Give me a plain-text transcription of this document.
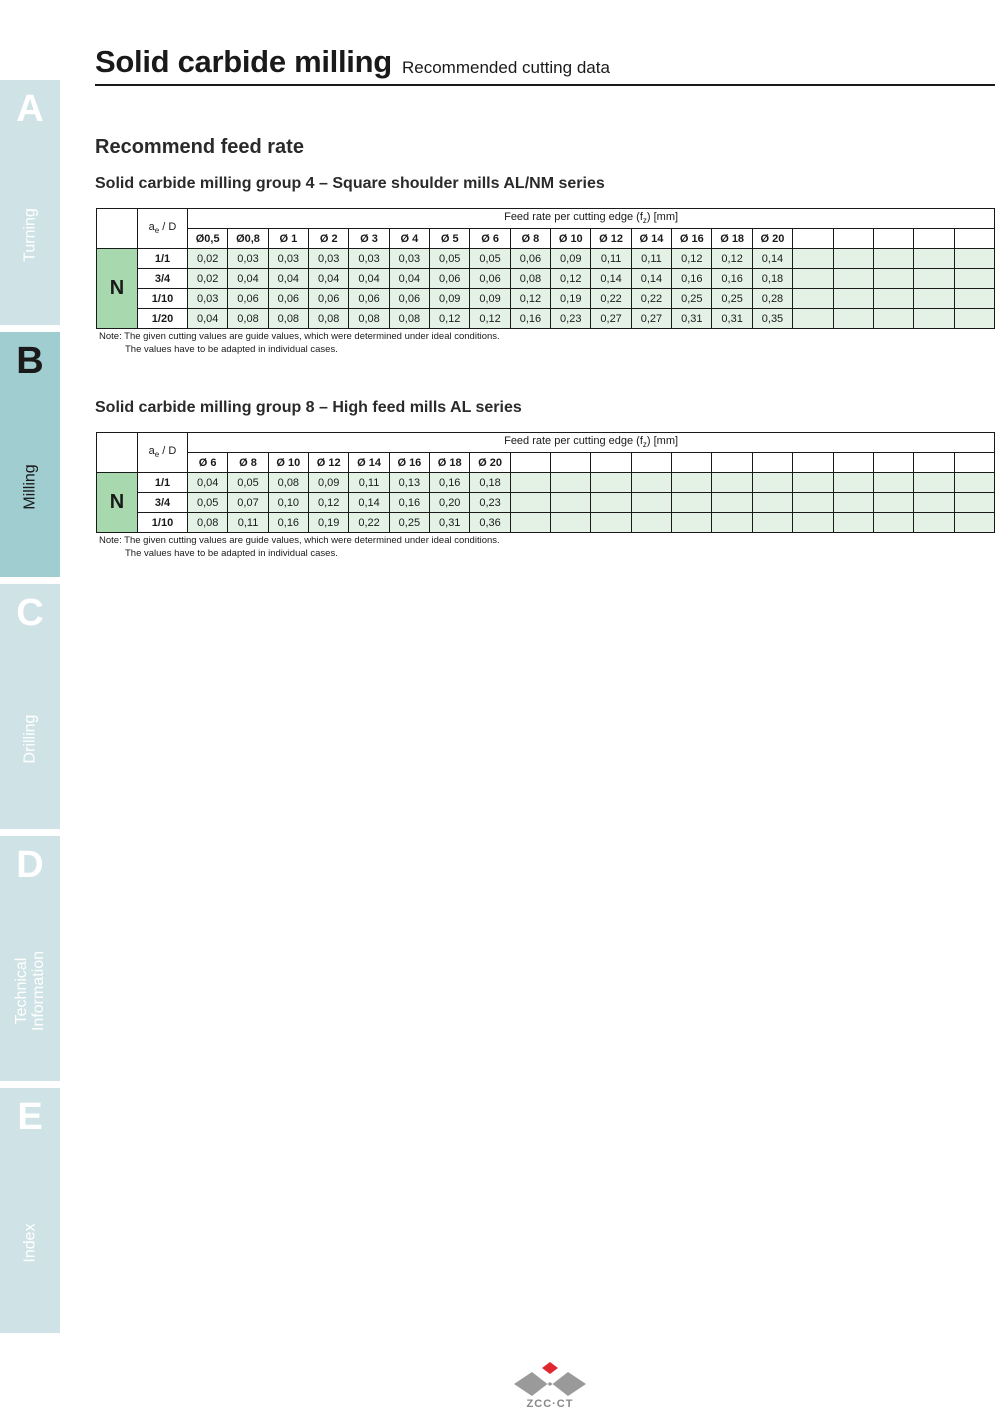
A
Turning
B
Milling
C
Drilling
D
Technical
Information
E
Index
Solid carbide milling Recommended cutting data
Recommend feed rate
Solid carbide milling group 4 – Square shoulder mills AL/NM series
	$a_e$ / D	Feed rate per cutting edge $(f_z)$ [mm]																			
		Ø0,5	Ø0,8	Ø 1	Ø 2	Ø 3	Ø 4	Ø 5	Ø 6	Ø 8	Ø 10	Ø 12	Ø 14	Ø 16	Ø 18	Ø 20					
N	1/1	0,02	0,03	0,03	0,03	0,03	0,03	0,05	0,05	0,06	0,09	0,11	0,11	0,12	0,12	0,14					
	3/4	0,02	0,04	0,04	0,04	0,04	0,04	0,06	0,06	0,08	0,12	0,14	0,14	0,16	0,16	0,18					
	1/10	0,03	0,06	0,06	0,06	0,06	0,06	0,09	0,09	0,12	0,19	0,22	0,22	0,25	0,25	0,28					
	1/20	0,04	0,08	0,08	0,08	0,08	0,08	0,12	0,12	0,16	0,23	0,27	0,27	0,31	0,31	0,35					
Note: The given cutting values are guide values, which were determined under ideal conditions.
The values have to be adapted in individual cases.
Solid carbide milling group 8 – High feed mills AL series
	$a_e$ / D	Feed rate per cutting edge $(f_z)$ [mm]																			
		Ø 6	Ø 8	Ø 10	Ø 12	Ø 14	Ø 16	Ø 18	Ø 20												
N	1/1	0,04	0,05	0,08	0,09	0,11	0,13	0,16	0,18												
	3/4	0,05	0,07	0,10	0,12	0,14	0,16	0,20	0,23												
	1/10	0,08	0,11	0,16	0,19	0,22	0,25	0,31	0,36												
Note: The given cutting values are guide values, which were determined under ideal conditions.
The values have to be adapted in individual cases.
ZCC·CT
